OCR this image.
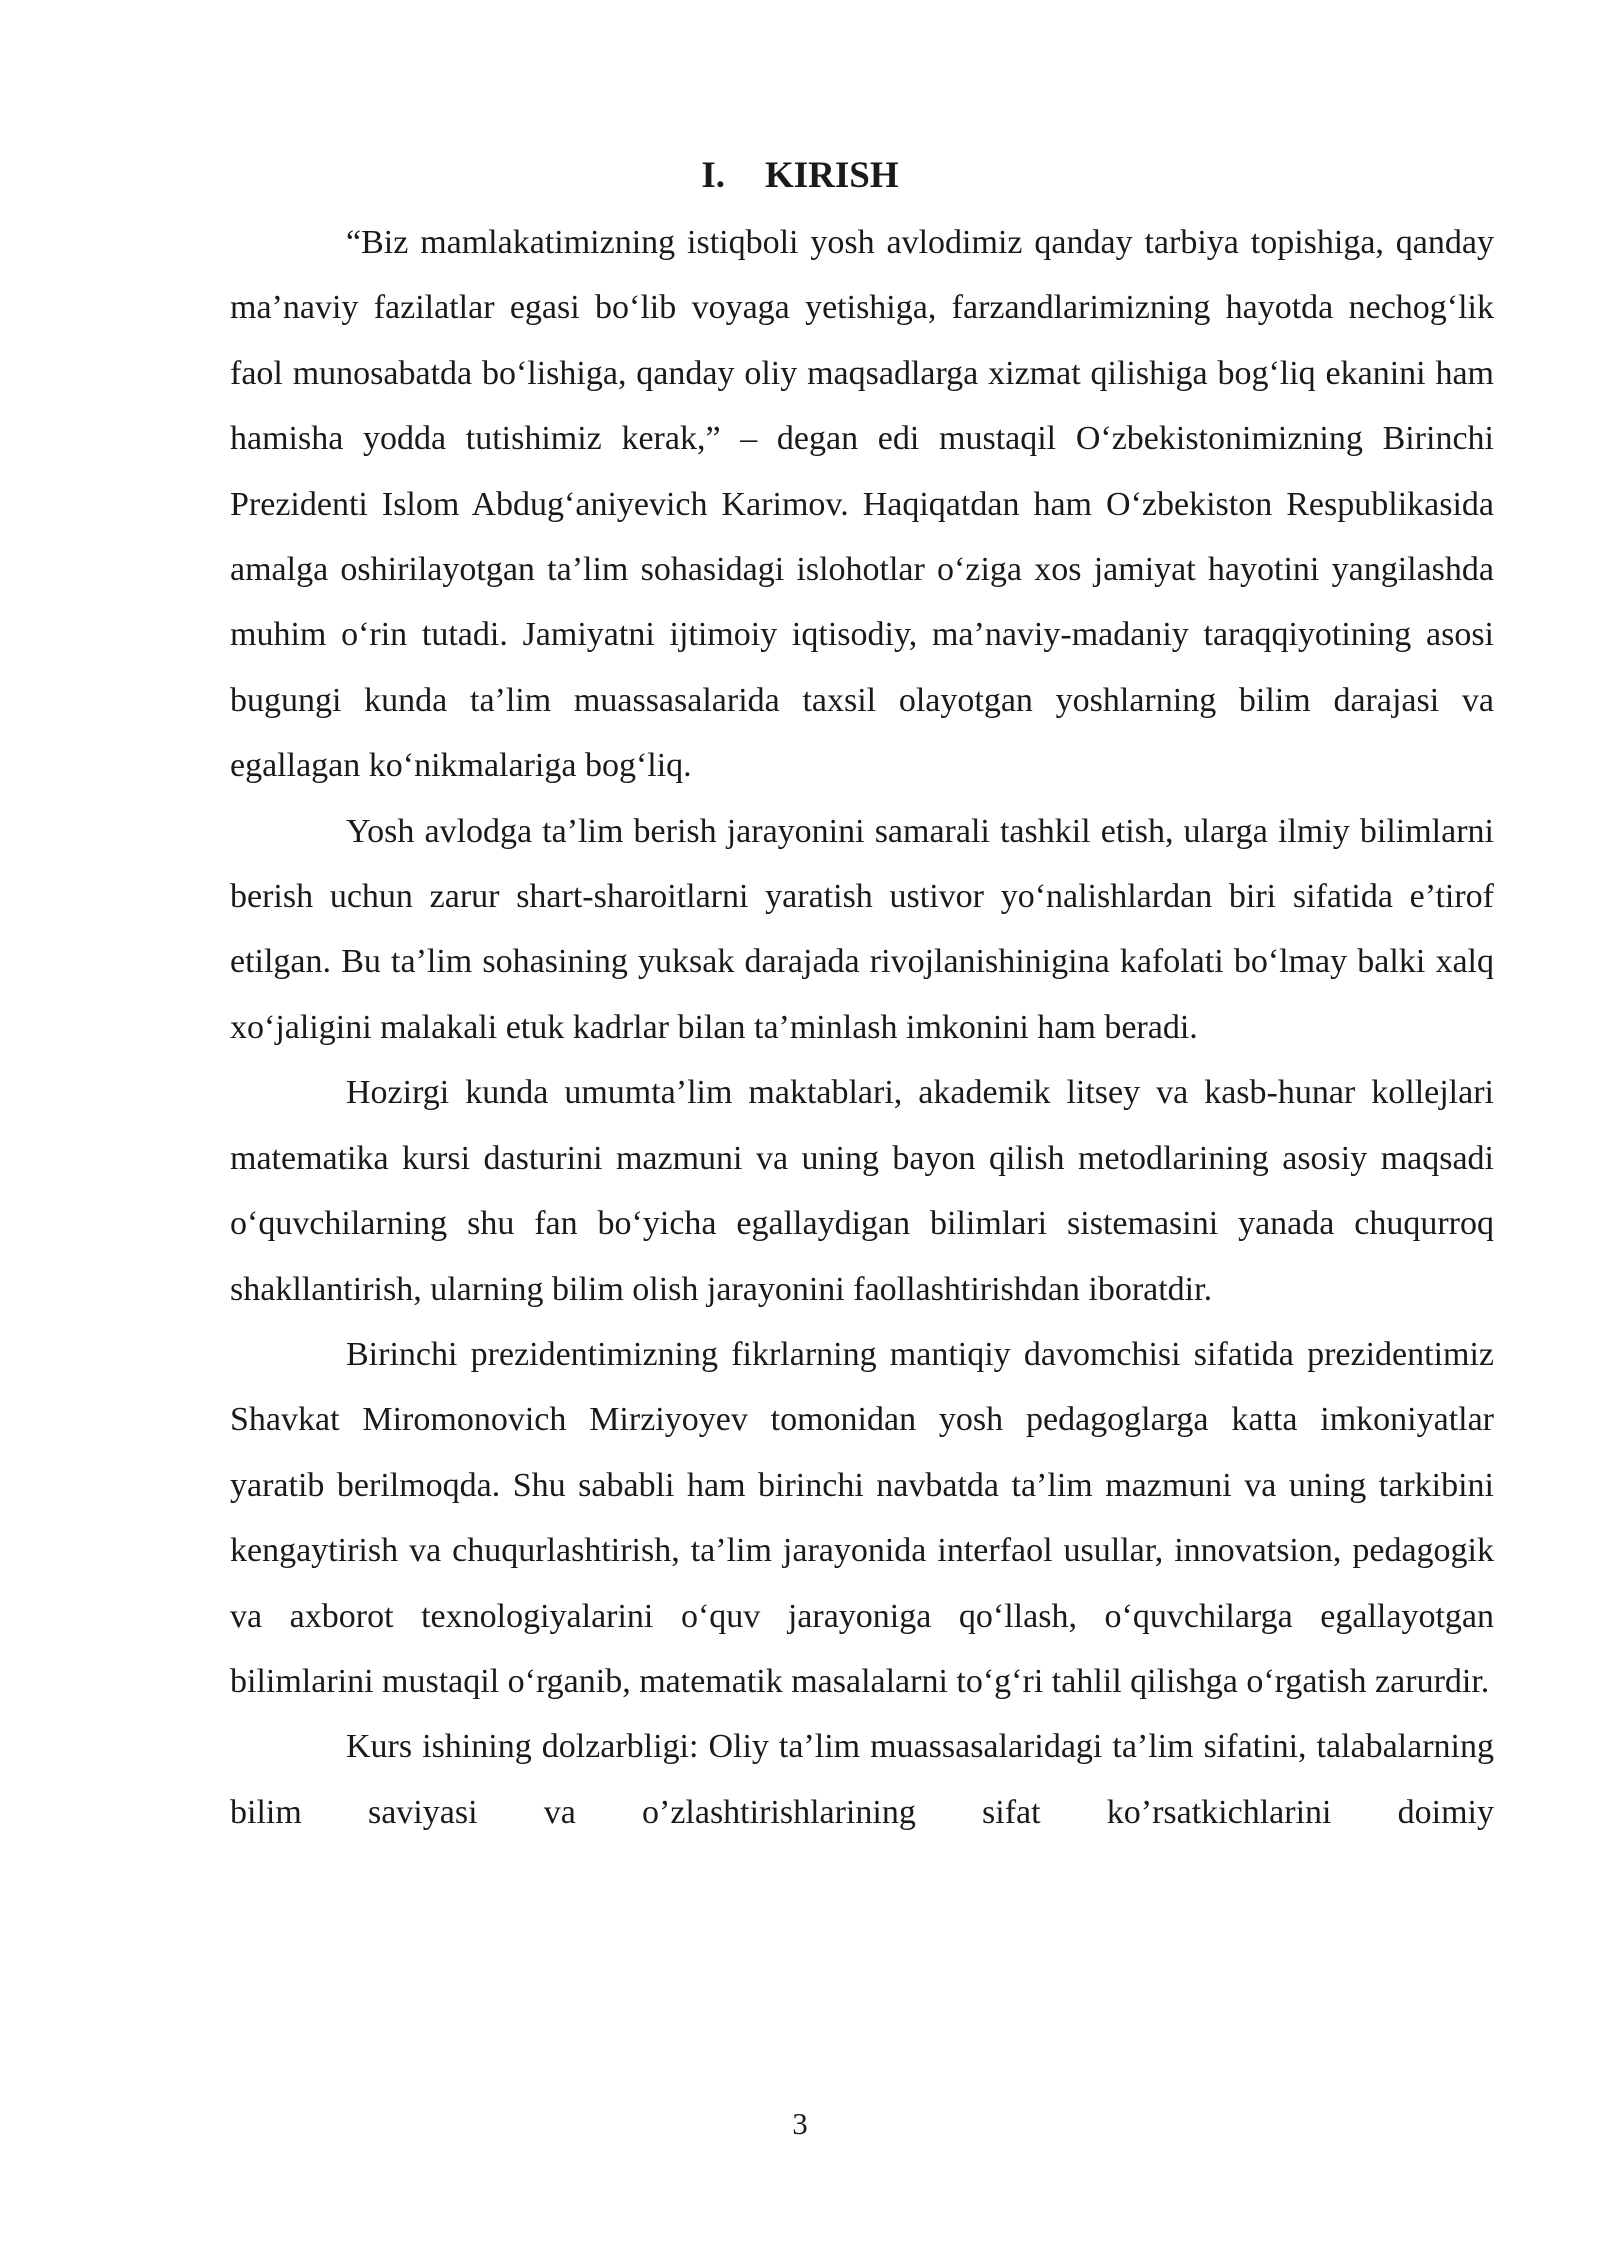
I. KIRISH

“Biz mamlakatimizning istiqboli yosh avlodimiz qanday tarbiya topishiga, qanday ma’naviy fazilatlar egasi bo‘lib voyaga yetishiga, farzandlarimizning hayotda nechog‘lik faol munosabatda bo‘lishiga, qanday oliy maqsadlarga xizmat qilishiga bog‘liq ekanini ham hamisha yodda tutishimiz kerak,” – degan edi mustaqil O‘zbekistonimizning Birinchi Prezidenti Islom Abdug‘aniyevich Karimov. Haqiqatdan ham O‘zbekiston Respublikasida amalga oshirilayotgan ta’lim sohasidagi islohotlar o‘ziga xos jamiyat hayotini yangilashda muhim o‘rin tutadi. Jamiyatni ijtimoiy iqtisodiy, ma’naviy-madaniy taraqqiyotining asosi bugungi kunda ta’lim muassasalarida taxsil olayotgan yoshlarning bilim darajasi va egallagan ko‘nikmalariga bog‘liq.

Yosh avlodga ta’lim berish jarayonini samarali tashkil etish, ularga ilmiy bilimlarni berish uchun zarur shart-sharoitlarni yaratish ustivor yo‘nalishlardan biri sifatida e’tirof etilgan. Bu ta’lim sohasining yuksak darajada rivojlanishinigina kafolati bo‘lmay balki xalq xo‘jaligini malakali etuk kadrlar bilan ta’minlash imkonini ham beradi.

Hozirgi kunda umumta’lim maktablari, akademik litsey va kasb-hunar kollejlari matematika kursi dasturini mazmuni va uning bayon qilish metodlarining asosiy maqsadi o‘quvchilarning shu fan bo‘yicha egallaydigan bilimlari sistemasini yanada chuqurroq shakllantirish, ularning bilim olish jarayonini faollashtirishdan iboratdir.

Birinchi prezidentimizning fikrlarning mantiqiy davomchisi sifatida prezidentimiz Shavkat Miromonovich Mirziyoyev tomonidan yosh pedagoglarga katta imkoniyatlar yaratib berilmoqda. Shu sababli ham birinchi navbatda ta’lim mazmuni va uning tarkibini kengaytirish va chuqurlashtirish, ta’lim jarayonida interfaol usullar, innovatsion, pedagogik va axborot texnologiyalarini o‘quv jarayoniga qo‘llash, o‘quvchilarga egallayotgan bilimlarini mustaqil o‘rganib, matematik masalalarni to‘g‘ri tahlil qilishga o‘rgatish zarurdir.

Kurs ishining dolzarbligi: Oliy ta’lim muassasalaridagi ta’lim sifatini, talabalarning bilim saviyasi va o’zlashtirishlarining sifat ko’rsatkichlarini doimiy

3
